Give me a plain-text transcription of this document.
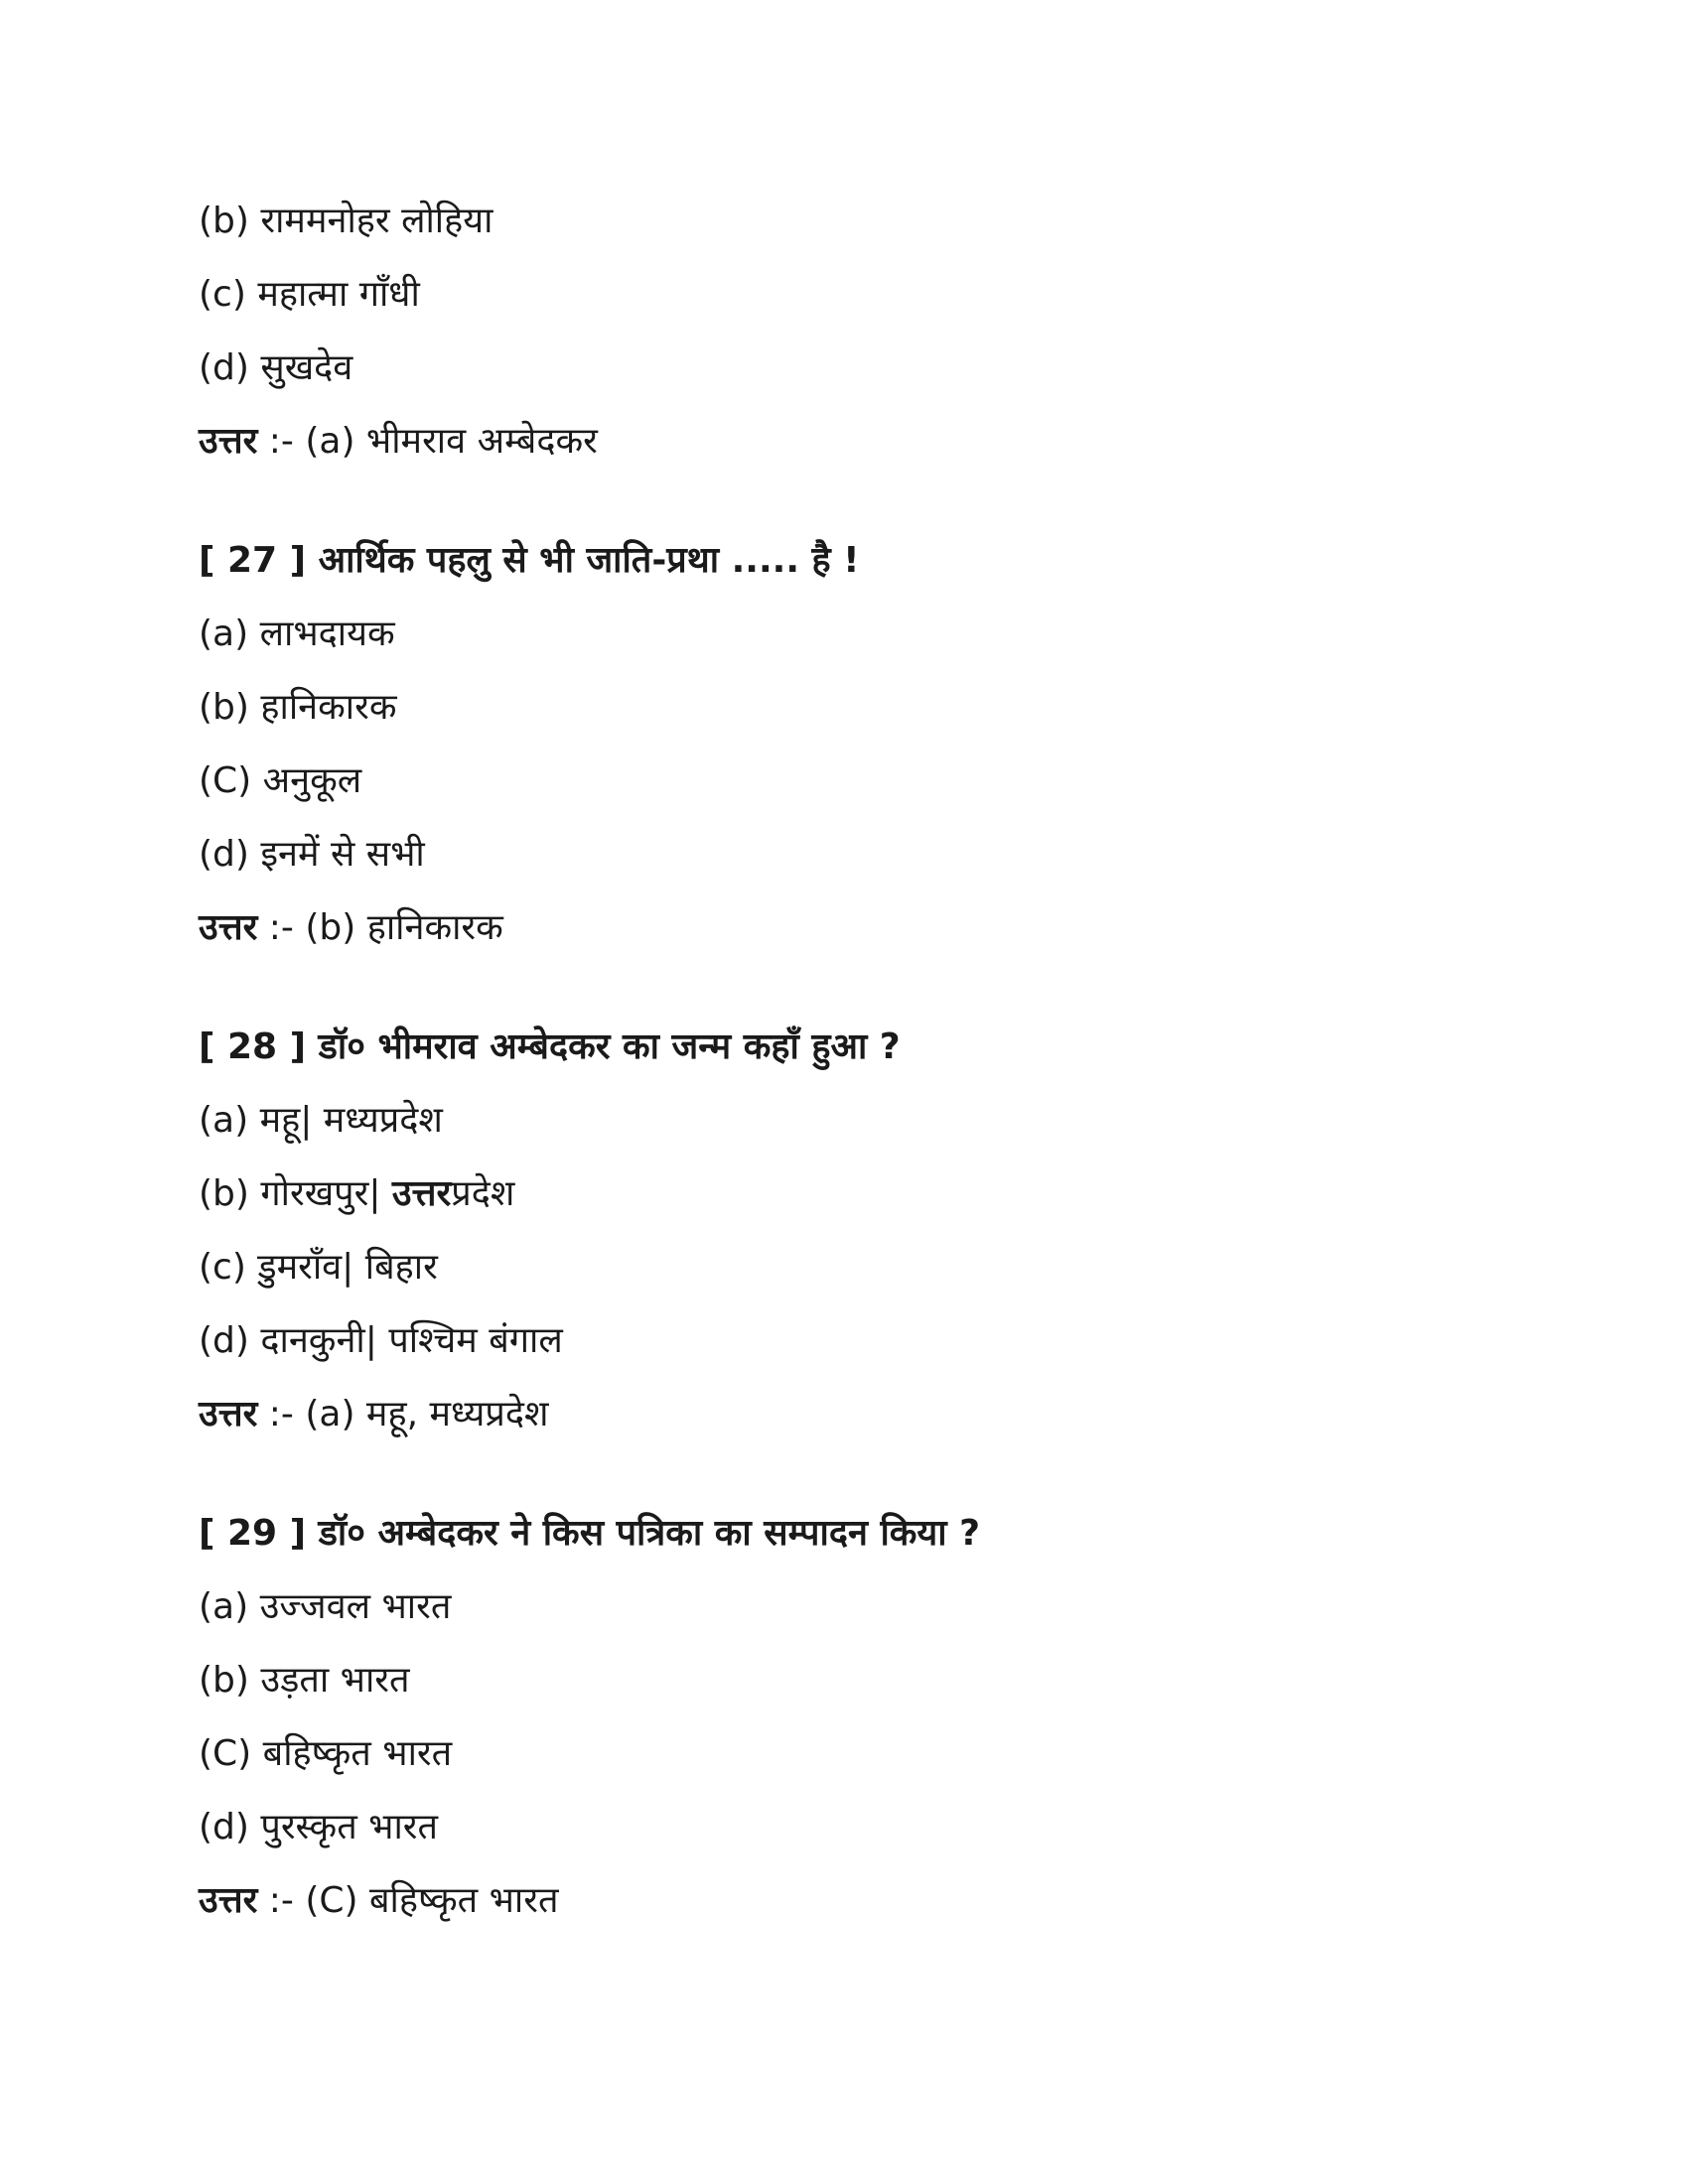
(b) राममनोहर लोहिया
(c) महात्मा गाँधी
(d) सुखदेव
उत्तर :- (a) भीमराव अम्बेदकर
[ 27 ] आर्थिक पहलु से भी जाति-प्रथा ..... है !
(a) लाभदायक
(b) हानिकारक
(C) अनुकूल
(d) इनमें से सभी
उत्तर :- (b) हानिकारक
[ 28 ] डॉ० भीमराव अम्बेदकर का जन्म कहाँ हुआ ?
(a) महू| मध्यप्रदेश
(b) गोरखपुर| उत्तरप्रदेश
(c) डुमराँव| बिहार
(d) दानकुनी| पश्चिम बंगाल
उत्तर :- (a) महू, मध्यप्रदेश
[ 29 ] डॉ० अम्बेदकर ने किस पत्रिका का सम्पादन किया ?
(a) उज्जवल भारत
(b) उड़ता भारत
(C) बहिष्कृत भारत
(d) पुरस्कृत भारत
उत्तर :- (C) बहिष्कृत भारत
